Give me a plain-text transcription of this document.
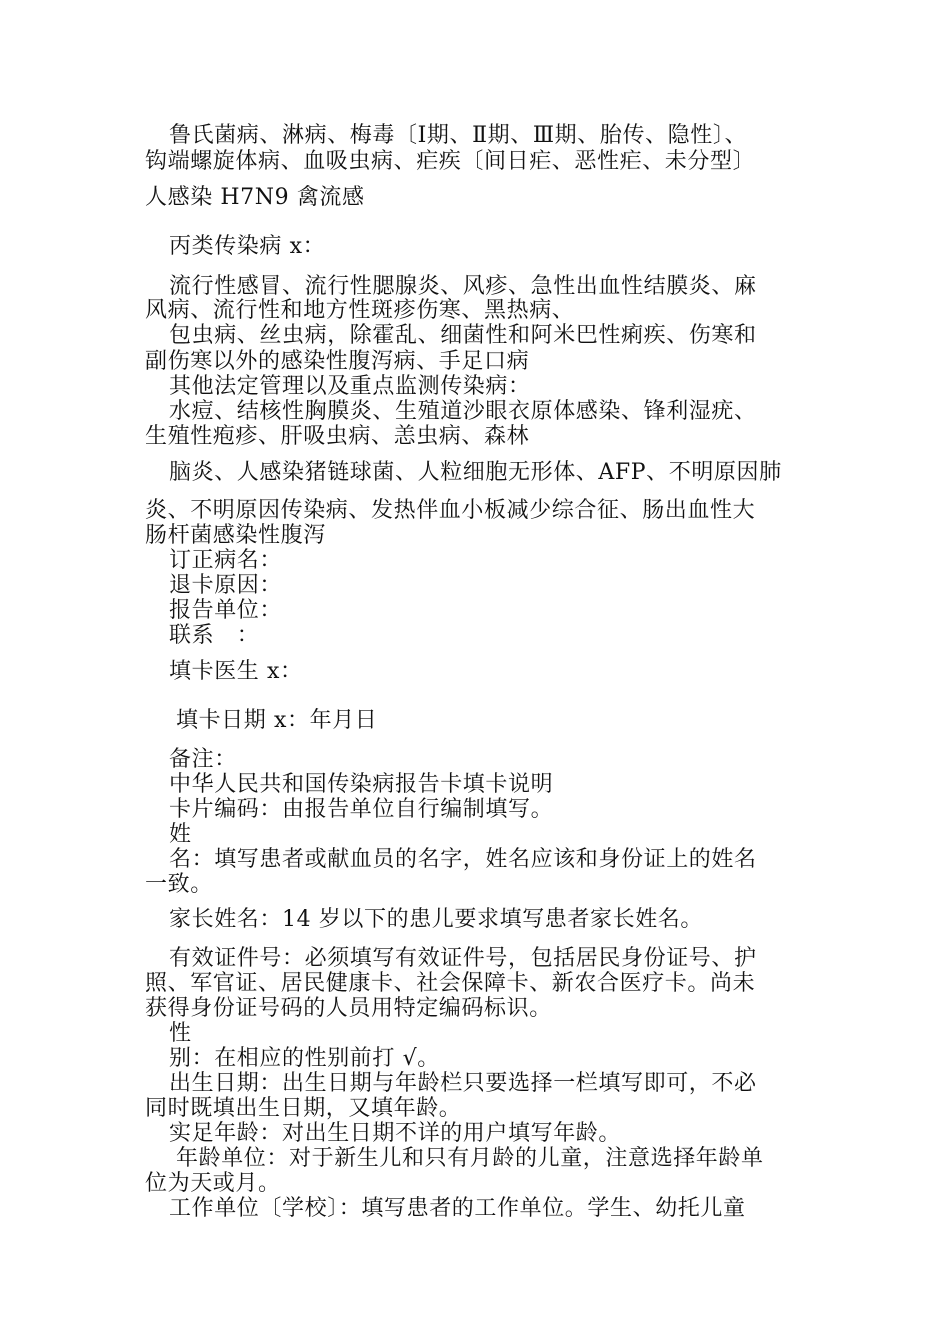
鲁氏菌病、淋病、梅毒〔Ⅰ期、Ⅱ期、Ⅲ期、胎传、隐性〕、
钩端螺旋体病、血吸虫病、疟疾〔间日疟、恶性疟、未分型〕
人感染 H7N9 禽流感
丙类传染病 x：
流行性感冒、流行性腮腺炎、风疹、急性出血性结膜炎、麻
风病、流行性和地方性斑疹伤寒、黑热病、
包虫病、丝虫病，除霍乱、细菌性和阿米巴性痢疾、伤寒和
副伤寒以外的感染性腹泻病、手足口病
其他法定管理以及重点监测传染病：
水痘、结核性胸膜炎、生殖道沙眼衣原体感染、锋利湿疣、
生殖性疱疹、肝吸虫病、恙虫病、森林
脑炎、人感染猪链球菌、人粒细胞无形体、AFP、不明原因肺
炎、不明原因传染病、发热伴血小板减少综合征、肠出血性大
肠杆菌感染性腹泻
订正病名：
退卡原因：
报告单位：
联系　：
填卡医生 x：
填卡日期 x：年月日
备注：
中华人民共和国传染病报告卡填卡说明
卡片编码：由报告单位自行编制填写。
姓
名：填写患者或献血员的名字，姓名应该和身份证上的姓名
一致。
家长姓名：14 岁以下的患儿要求填写患者家长姓名。
有效证件号：必须填写有效证件号，包括居民身份证号、护
照、军官证、居民健康卡、社会保障卡、新农合医疗卡。尚未
获得身份证号码的人员用特定编码标识。
性
别：在相应的性别前打 √。
出生日期：出生日期与年龄栏只要选择一栏填写即可，不必
同时既填出生日期，又填年龄。
实足年龄：对出生日期不详的用户填写年龄。
年龄单位：对于新生儿和只有月龄的儿童，注意选择年龄单
位为天或月。
工作单位〔学校〕：填写患者的工作单位。学生、幼托儿童
